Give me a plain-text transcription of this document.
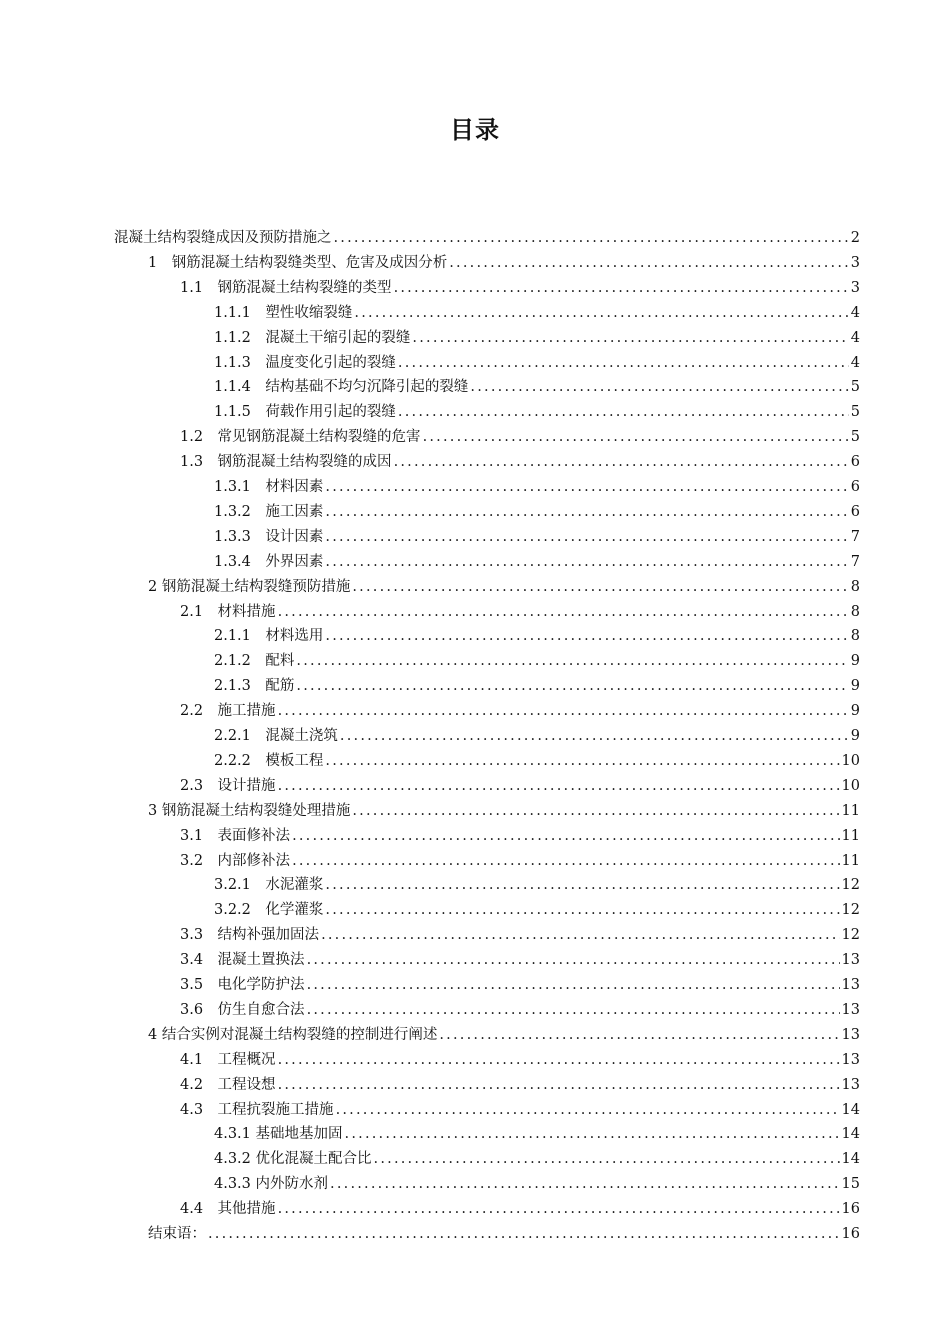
目录
混凝土结构裂缝成因及预防措施之 .....	2
1　钢筋混凝土结构裂缝类型、危害及成因分析 .....	3
1.1　钢筋混凝土结构裂缝的类型 .....	3
1.1.1　塑性收缩裂缝 .....	4
1.1.2　混凝土干缩引起的裂缝 .....	4
1.1.3　温度变化引起的裂缝 .....	4
1.1.4　结构基础不均匀沉降引起的裂缝 .....	5
1.1.5　荷载作用引起的裂缝 .....	5
1.2　常见钢筋混凝土结构裂缝的危害 .....	5
1.3　钢筋混凝土结构裂缝的成因 .....	6
1.3.1　材料因素 .....	6
1.3.2　施工因素 .....	6
1.3.3　设计因素 .....	7
1.3.4　外界因素 .....	7
2 钢筋混凝土结构裂缝预防措施 .....	8
2.1　材料措施 .....	8
2.1.1　材料选用 .....	8
2.1.2　配料 .....	9
2.1.3　配筋 .....	9
2.2　施工措施 .....	9
2.2.1　混凝土浇筑 .....	9
2.2.2　模板工程 .....	10
2.3　设计措施 .....	10
3 钢筋混凝土结构裂缝处理措施 .....	11
3.1　表面修补法 .....	11
3.2　内部修补法 .....	11
3.2.1　水泥灌浆 .....	12
3.2.2　化学灌浆 .....	12
3.3　结构补强加固法 .....	12
3.4　混凝土置换法 .....	13
3.5　电化学防护法 .....	13
3.6　仿生自愈合法 .....	13
4 结合实例对混凝土结构裂缝的控制进行阐述 .....	13
4.1　工程概况 .....	13
4.2　工程设想 .....	13
4.3　工程抗裂施工措施 .....	14
4.3.1 基础地基加固 .....	14
4.3.2 优化混凝土配合比 .....	14
4.3.3 内外防水剂 .....	15
4.4　其他措施 .....	16
结束语： .....	16
